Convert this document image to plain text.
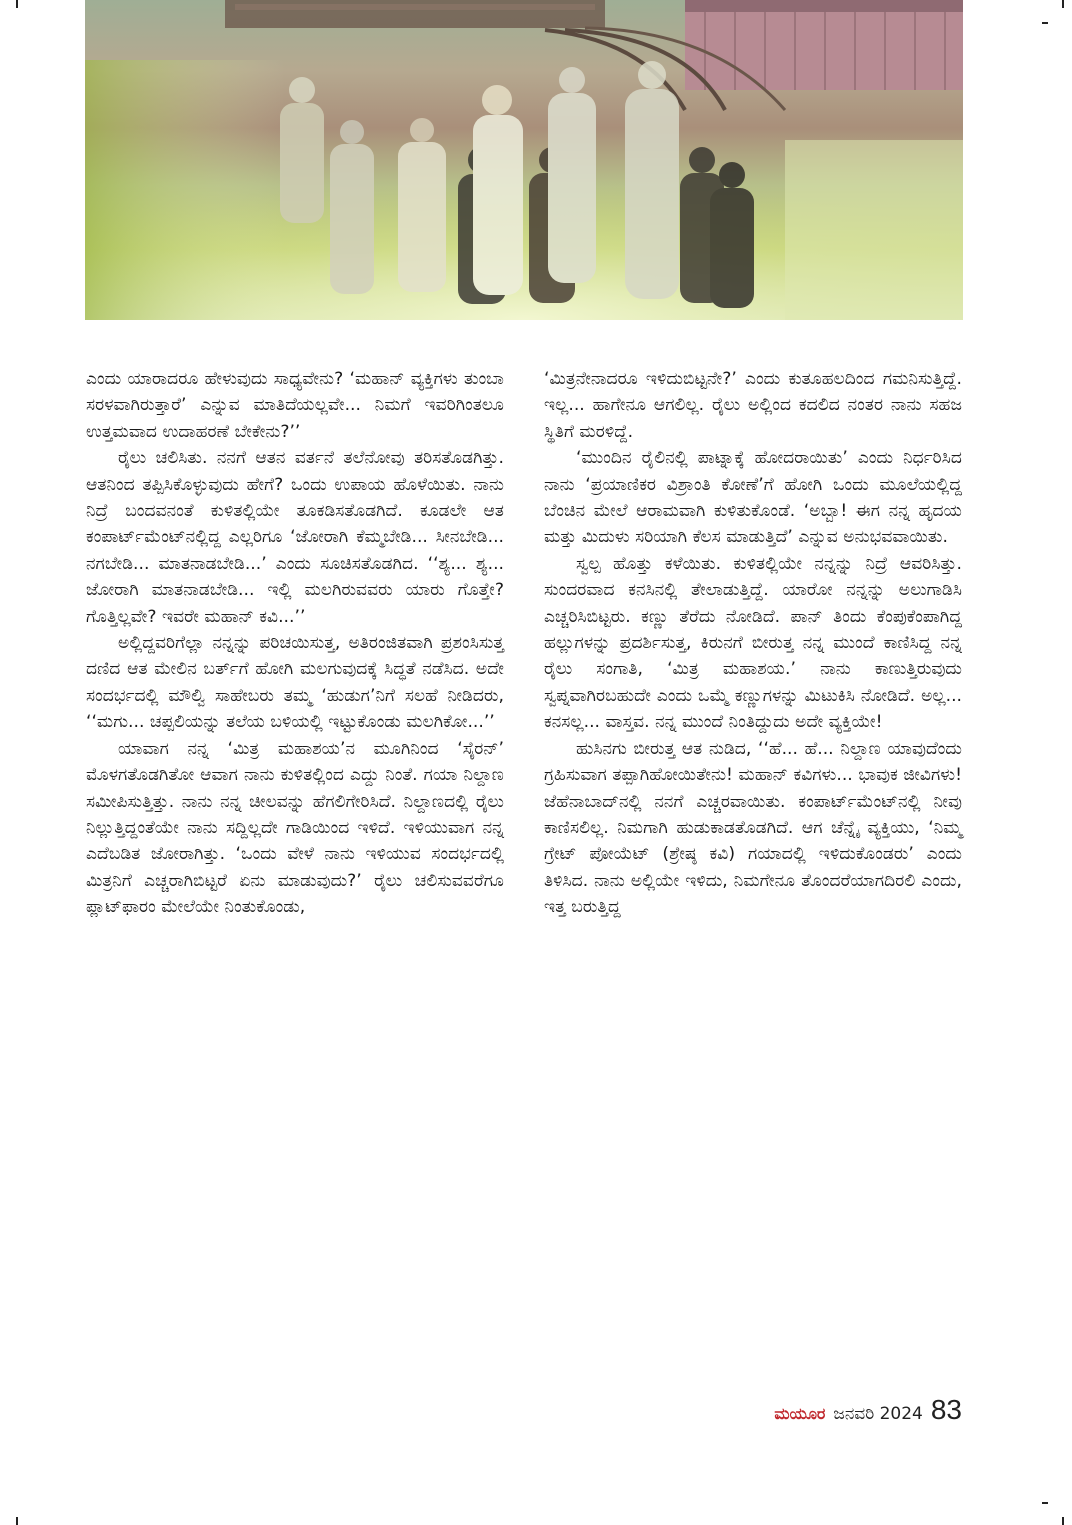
ಎಂದು ಯಾರಾದರೂ ಹೇಳುವುದು ಸಾಧ್ಯವೇನು? ‘ಮಹಾನ್ ವ್ಯಕ್ತಿಗಳು ತುಂಬಾ ಸರಳವಾಗಿರುತ್ತಾರೆ’ ಎನ್ನುವ ಮಾತಿದೆಯಲ್ಲವೇ... ನಿಮಗೆ ಇವರಿಗಿಂತಲೂ ಉತ್ತಮವಾದ ಉದಾಹರಣೆ ಬೇಕೇನು?’’

ರೈಲು ಚಲಿಸಿತು. ನನಗೆ ಆತನ ವರ್ತನೆ ತಲೆನೋವು ತರಿಸತೊಡಗಿತ್ತು. ಆತನಿಂದ ತಪ್ಪಿಸಿಕೊಳ್ಳುವುದು ಹೇಗೆ? ಒಂದು ಉಪಾಯ ಹೊಳೆಯಿತು. ನಾನು ನಿದ್ರೆ ಬಂದವನಂತೆ ಕುಳಿತಲ್ಲಿಯೇ ತೂಕಡಿಸತೊಡಗಿದೆ. ಕೂಡಲೇ ಆತ ಕಂಪಾರ್ಟ್‌ಮೆಂಟ್‌ನಲ್ಲಿದ್ದ ಎಲ್ಲರಿಗೂ ‘ಜೋರಾಗಿ ಕೆಮ್ಮಬೇಡಿ... ಸೀನಬೇಡಿ... ನಗಬೇಡಿ... ಮಾತನಾಡಬೇಡಿ...’ ಎಂದು ಸೂಚಿಸತೊಡಗಿದ. ‘‘ಶ್ಯ... ಶ್ಯ... ಜೋರಾಗಿ ಮಾತನಾಡಬೇಡಿ... ಇಲ್ಲಿ ಮಲಗಿರುವವರು ಯಾರು ಗೊತ್ತೇ? ಗೊತ್ತಿಲ್ಲವೇ? ಇವರೇ ಮಹಾನ್ ಕವಿ...’’

ಅಲ್ಲಿದ್ದವರಿಗೆಲ್ಲಾ ನನ್ನನ್ನು ಪರಿಚಯಿಸುತ್ತ, ಅತಿರಂಜಿತವಾಗಿ ಪ್ರಶಂಸಿಸುತ್ತ ದಣಿದ ಆತ ಮೇಲಿನ ಬರ್ತ್‌ಗೆ ಹೋಗಿ ಮಲಗುವುದಕ್ಕೆ ಸಿದ್ಧತೆ ನಡೆಸಿದ. ಅದೇ ಸಂದರ್ಭದಲ್ಲಿ ಮೌಲ್ವಿ ಸಾಹೇಬರು ತಮ್ಮ ‘ಹುಡುಗ’ನಿಗೆ ಸಲಹೆ ನೀಡಿದರು, ‘‘ಮಗು... ಚಪ್ಪಲಿಯನ್ನು ತಲೆಯ ಬಳಿಯಲ್ಲಿ ಇಟ್ಟುಕೊಂಡು ಮಲಗಿಕೋ...’’

ಯಾವಾಗ ನನ್ನ ‘ಮಿತ್ರ ಮಹಾಶಯ’ನ ಮೂಗಿನಿಂದ ‘ಸೈರನ್’ ಮೊಳಗತೊಡಗಿತೋ ಆವಾಗ ನಾನು ಕುಳಿತಲ್ಲಿಂದ ಎದ್ದು ನಿಂತೆ. ಗಯಾ ನಿಲ್ದಾಣ ಸಮೀಪಿಸುತ್ತಿತ್ತು. ನಾನು ನನ್ನ ಚೀಲವನ್ನು ಹೆಗಲಿಗೇರಿಸಿದೆ. ನಿಲ್ದಾಣದಲ್ಲಿ ರೈಲು ನಿಲ್ಲುತ್ತಿದ್ದಂತೆಯೇ ನಾನು ಸದ್ದಿಲ್ಲದೇ ಗಾಡಿಯಿಂದ ಇಳಿದೆ. ಇಳಿಯುವಾಗ ನನ್ನ ಎದೆಬಡಿತ ಜೋರಾಗಿತ್ತು. ‘ಒಂದು ವೇಳೆ ನಾನು ಇಳಿಯುವ ಸಂದರ್ಭದಲ್ಲಿ ಮಿತ್ರನಿಗೆ ಎಚ್ಚರಾಗಿಬಿಟ್ಟರೆ ಏನು ಮಾಡುವುದು?’ ರೈಲು ಚಲಿಸುವವರೆಗೂ ಪ್ಲಾಟ್‌ಫಾರಂ ಮೇಲೆಯೇ ನಿಂತುಕೊಂಡು,

‘ಮಿತ್ರನೇನಾದರೂ ಇಳಿದುಬಿಟ್ಟನೇ?’ ಎಂದು ಕುತೂಹಲದಿಂದ ಗಮನಿಸುತ್ತಿದ್ದೆ. ಇಲ್ಲ... ಹಾಗೇನೂ ಆಗಲಿಲ್ಲ. ರೈಲು ಅಲ್ಲಿಂದ ಕದಲಿದ ನಂತರ ನಾನು ಸಹಜ ಸ್ಥಿತಿಗೆ ಮರಳಿದ್ದೆ.

‘ಮುಂದಿನ ರೈಲಿನಲ್ಲಿ ಪಾಟ್ನಾಕ್ಕೆ ಹೋದರಾಯಿತು’ ಎಂದು ನಿರ್ಧರಿಸಿದ ನಾನು ‘ಪ್ರಯಾಣಿಕರ ವಿಶ್ರಾಂತಿ ಕೋಣೆ’ಗೆ ಹೋಗಿ ಒಂದು ಮೂಲೆಯಲ್ಲಿದ್ದ ಬೆಂಚಿನ ಮೇಲೆ ಆರಾಮವಾಗಿ ಕುಳಿತುಕೊಂಡೆ. ‘ಅಬ್ಬಾ! ಈಗ ನನ್ನ ಹೃದಯ ಮತ್ತು ಮಿದುಳು ಸರಿಯಾಗಿ ಕೆಲಸ ಮಾಡುತ್ತಿದೆ’ ಎನ್ನುವ ಅನುಭವವಾಯಿತು.

ಸ್ವಲ್ಪ ಹೊತ್ತು ಕಳೆಯಿತು. ಕುಳಿತಲ್ಲಿಯೇ ನನ್ನನ್ನು ನಿದ್ರೆ ಆವರಿಸಿತ್ತು. ಸುಂದರವಾದ ಕನಸಿನಲ್ಲಿ ತೇಲಾಡುತ್ತಿದ್ದೆ. ಯಾರೋ ನನ್ನನ್ನು ಅಲುಗಾಡಿಸಿ ಎಚ್ಚರಿಸಿಬಿಟ್ಟರು. ಕಣ್ಣು ತೆರೆದು ನೋಡಿದೆ. ಪಾನ್ ತಿಂದು ಕೆಂಪುಕೆಂಪಾಗಿದ್ದ ಹಲ್ಲುಗಳನ್ನು ಪ್ರದರ್ಶಿಸುತ್ತ, ಕಿರುನಗೆ ಬೀರುತ್ತ ನನ್ನ ಮುಂದೆ ಕಾಣಿಸಿದ್ದ ನನ್ನ ರೈಲು ಸಂಗಾತಿ, ‘ಮಿತ್ರ ಮಹಾಶಯ.’ ನಾನು ಕಾಣುತ್ತಿರುವುದು ಸ್ವಪ್ನವಾಗಿರಬಹುದೇ ಎಂದು ಒಮ್ಮೆ ಕಣ್ಣುಗಳನ್ನು ಮಿಟುಕಿಸಿ ನೋಡಿದೆ. ಅಲ್ಲ... ಕನಸಲ್ಲ... ವಾಸ್ತವ. ನನ್ನ ಮುಂದೆ ನಿಂತಿದ್ದುದು ಅದೇ ವ್ಯಕ್ತಿಯೇ!

ಹುಸಿನಗು ಬೀರುತ್ತ ಆತ ನುಡಿದ, ‘‘ಹೆ... ಹೆ... ನಿಲ್ದಾಣ ಯಾವುದೆಂದು ಗ್ರಹಿಸುವಾಗ ತಪ್ಪಾಗಿಹೋಯಿತೇನು! ಮಹಾನ್ ಕವಿಗಳು... ಭಾವುಕ ಜೀವಿಗಳು! ಜೆಹೆನಾಬಾದ್‌ನಲ್ಲಿ ನನಗೆ ಎಚ್ಚರವಾಯಿತು. ಕಂಪಾರ್ಟ್‌ಮೆಂಟ್‌ನಲ್ಲಿ ನೀವು ಕಾಣಿಸಲಿಲ್ಲ. ನಿಮಗಾಗಿ ಹುಡುಕಾಡತೊಡಗಿದೆ. ಆಗ ಚೆನ್ನೈ ವ್ಯಕ್ತಿಯು, ‘ನಿಮ್ಮ ಗ್ರೇಟ್ ಪೋಯೆಟ್ (ಶ್ರೇಷ್ಠ ಕವಿ) ಗಯಾದಲ್ಲಿ ಇಳಿದುಕೊಂಡರು’ ಎಂದು ತಿಳಿಸಿದ. ನಾನು ಅಲ್ಲಿಯೇ ಇಳಿದು, ನಿಮಗೇನೂ ತೊಂದರೆಯಾಗದಿರಲಿ ಎಂದು, ಇತ್ತ ಬರುತ್ತಿದ್ದ

ಮಯೂರ ಜನವರಿ 2024 83
